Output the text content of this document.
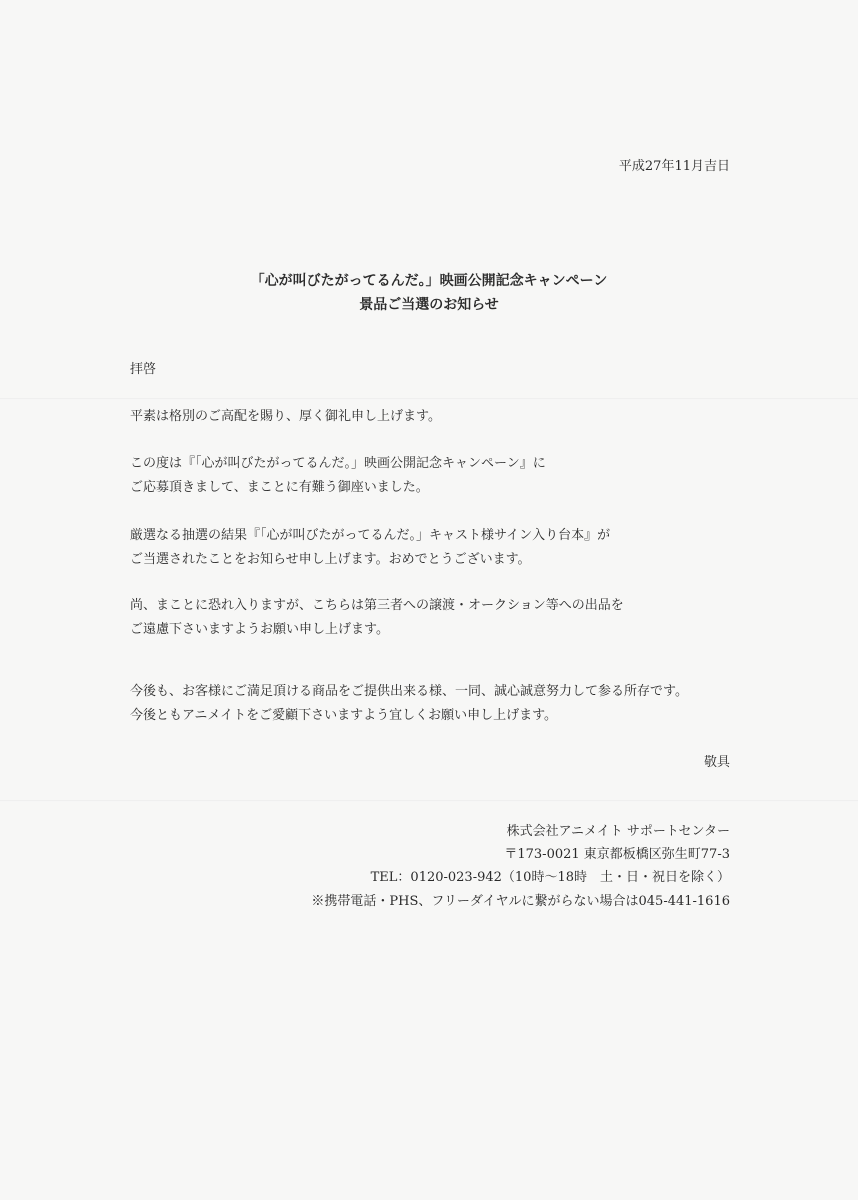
平成27年11月吉日
「心が叫びたがってるんだ。」映画公開記念キャンペーン
景品ご当選のお知らせ
拝啓
平素は格別のご高配を賜り、厚く御礼申し上げます。
この度は『「心が叫びたがってるんだ。」映画公開記念キャンペーン』に
ご応募頂きまして、まことに有難う御座いました。
厳選なる抽選の結果『「心が叫びたがってるんだ。」キャスト様サイン入り台本』が
ご当選されたことをお知らせ申し上げます。おめでとうございます。
尚、まことに恐れ入りますが、こちらは第三者への譲渡・オークション等への出品を
ご遠慮下さいますようお願い申し上げます。
今後も、お客様にご満足頂ける商品をご提供出来る様、一同、誠心誠意努力して参る所存です。
今後ともアニメイトをご愛顧下さいますよう宜しくお願い申し上げます。
敬具
株式会社アニメイト サポートセンター
〒173-0021 東京都板橋区弥生町77-3
TEL：0120-023-942（10時〜18時　土・日・祝日を除く）
※携帯電話・PHS、フリーダイヤルに繋がらない場合は045-441-1616
